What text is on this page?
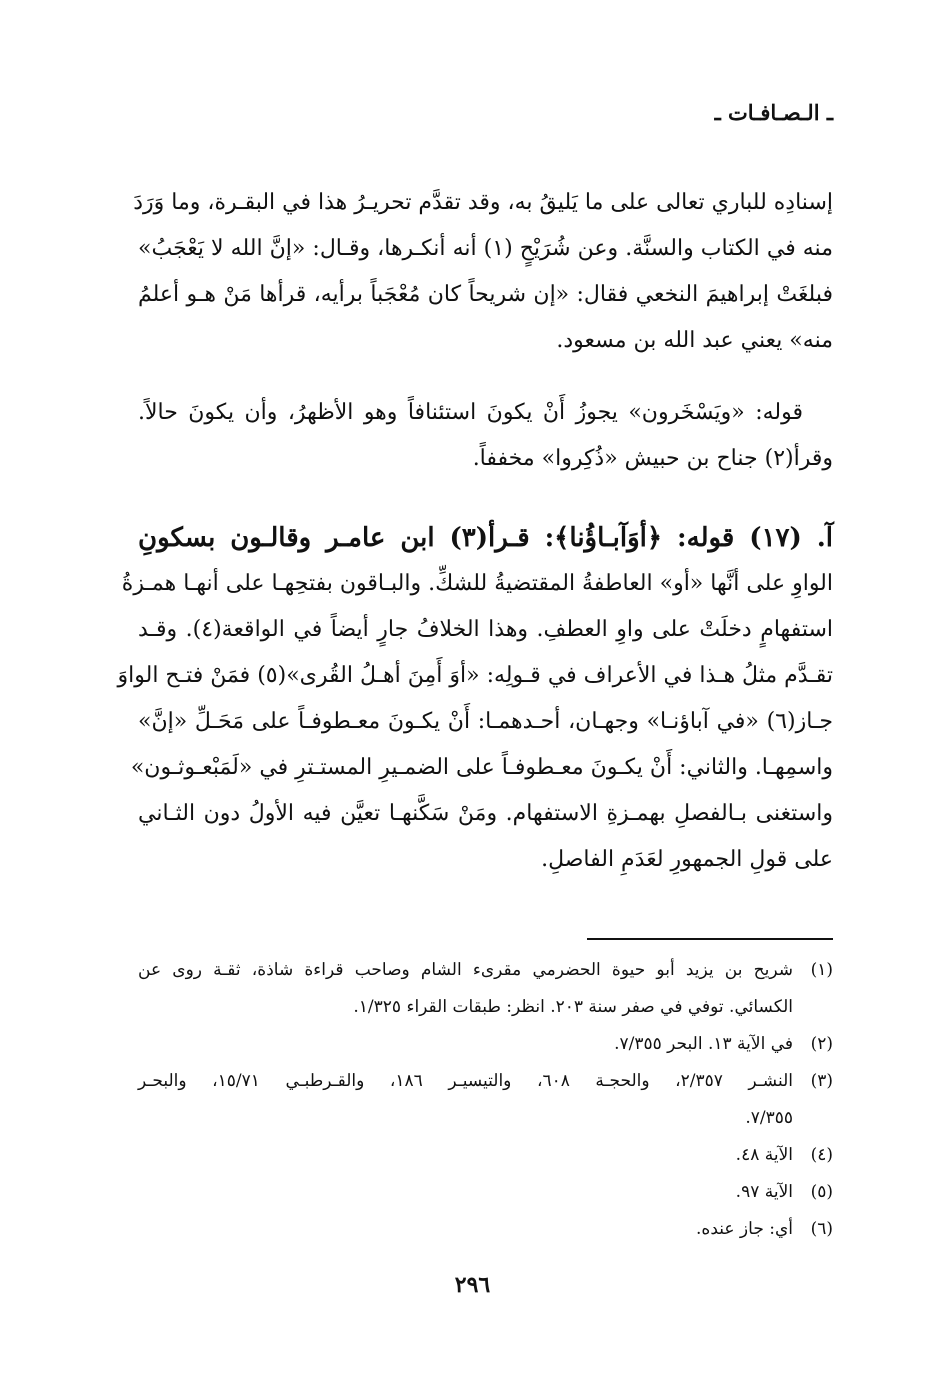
ـ الـصـافـات ـ
إسنادِه للباري تعالى على ما يَليقُ به، وقد تقدَّم تحريـرُ هذا في البقـرة، وما وَرَدَ
منه في الكتاب والسنَّة. وعن شُرَيْحٍ (١) أنه أنكـرها، وقـال: «إنَّ الله لا يَعْجَبُ»
فبلغَتْ إبراهيمَ النخعي فقال: «إن شريحاً كان مُعْجَباً برأيه، قرأها مَنْ هـو أعلمُ
منه» يعني عبد الله بن مسعود.
قوله: «ويَسْخَرون» يجوزُ أَنْ يكونَ استئنافاً وهو الأظهرُ، وأن يكونَ حالاً.
وقرأ(٢) جناح بن حبيش «ذُكِروا» مخففاً.
آ. (١٧) قوله: ﴿أوَآبـاؤُنا﴾: قـرأ(٣) ابن عامـر وقالـون بسكونِ
الواوِ على أنَّها «أو» العاطفةُ المقتضيةُ للشكِّ. والبـاقون بفتحِهـا على أنهـا همـزةُ
استفهامٍ دخلَتْ على واوِ العطفِ. وهذا الخلافُ جارٍ أيضاً في الواقعة(٤). وقـد
تقـدَّم مثلُ هـذا في الأعراف في قـولِه: «أوَ أَمِنَ أهـلُ القُرى»(٥) فمَنْ فتـح الواوَ
جـاز(٦) «في آباؤنـا» وجهـان، أحـدهمـا: أَنْ يكـونَ معـطوفـاً على مَحَـلِّ «إنَّ»
واسمِهـا. والثاني: أَنْ يكـونَ معـطوفـاً على الضمـيرِ المستـترِ في «لَمَبْعـوثـون»
واستغنى بـالفصلِ بهمـزةِ الاستفهام. ومَنْ سَكَّنهـا تعيَّن فيه الأولُ دون الثـاني
على قولِ الجمهورِ لعَدَمِ الفاصلِ.
(١)
شريح بن يزيد أبو حيوة الحضرمي مقرىء الشام وصاحب قراءة شاذة، ثقـة روى عن
الكسائي. توفي في صفر سنة ٢٠٣. انظر: طبقات القراء ١/٣٢٥.
(٢)
في الآية ١٣. البحر ٧/٣٥٥.
(٣)
النشـر ٢/٣٥٧، والحجـة ٦٠٨، والتيسيـر ١٨٦، والقـرطبـي ١٥/٧١، والبحـر
٧/٣٥٥.
(٤)
الآية ٤٨.
(٥)
الآية ٩٧.
(٦)
أي: جاز عنده.
٢٩٦
